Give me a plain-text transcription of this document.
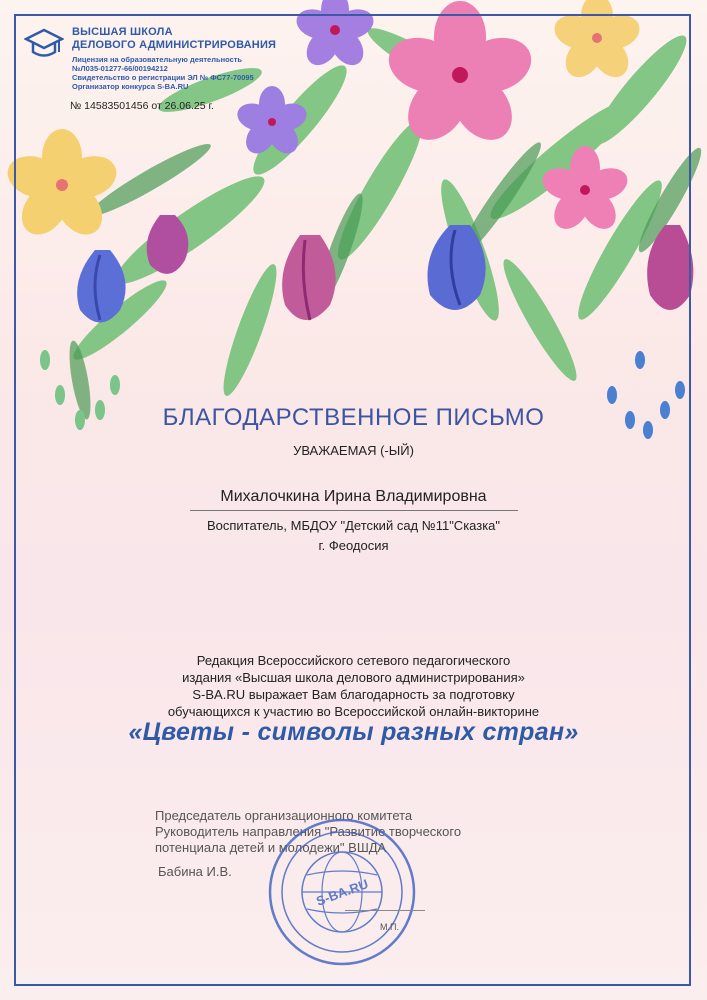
ВЫСШАЯ ШКОЛА
ДЕЛОВОГО АДМИНИСТРИРОВАНИЯ
Лицензия на образовательную деятельность
№Л035-01277-66/00194212
Свидетельство о регистрации ЭЛ № ФС77-70095
Организатор конкурса S-BA.RU
№ 14583501456 от 26.06.25 г.
БЛАГОДАРСТВЕННОЕ ПИСЬМО
УВАЖАЕМАЯ (-ЫЙ)
Михалочкина Ирина Владимировна
Воспитатель, МБДОУ "Детский сад №11"Сказка"
г. Феодосия
Редакция Всероссийского сетевого педагогического
издания «Высшая школа делового администрирования»
S-BA.RU выражает Вам благодарность за подготовку
обучающихся к участию во Всероссийской онлайн-викторине
«Цветы - символы разных стран»
Председатель организационного комитета
Руководитель направления "Развитие творческого
потенциала детей и молодежи" ВШДА
Бабина И.В.
S-BA.RU
М.П.
